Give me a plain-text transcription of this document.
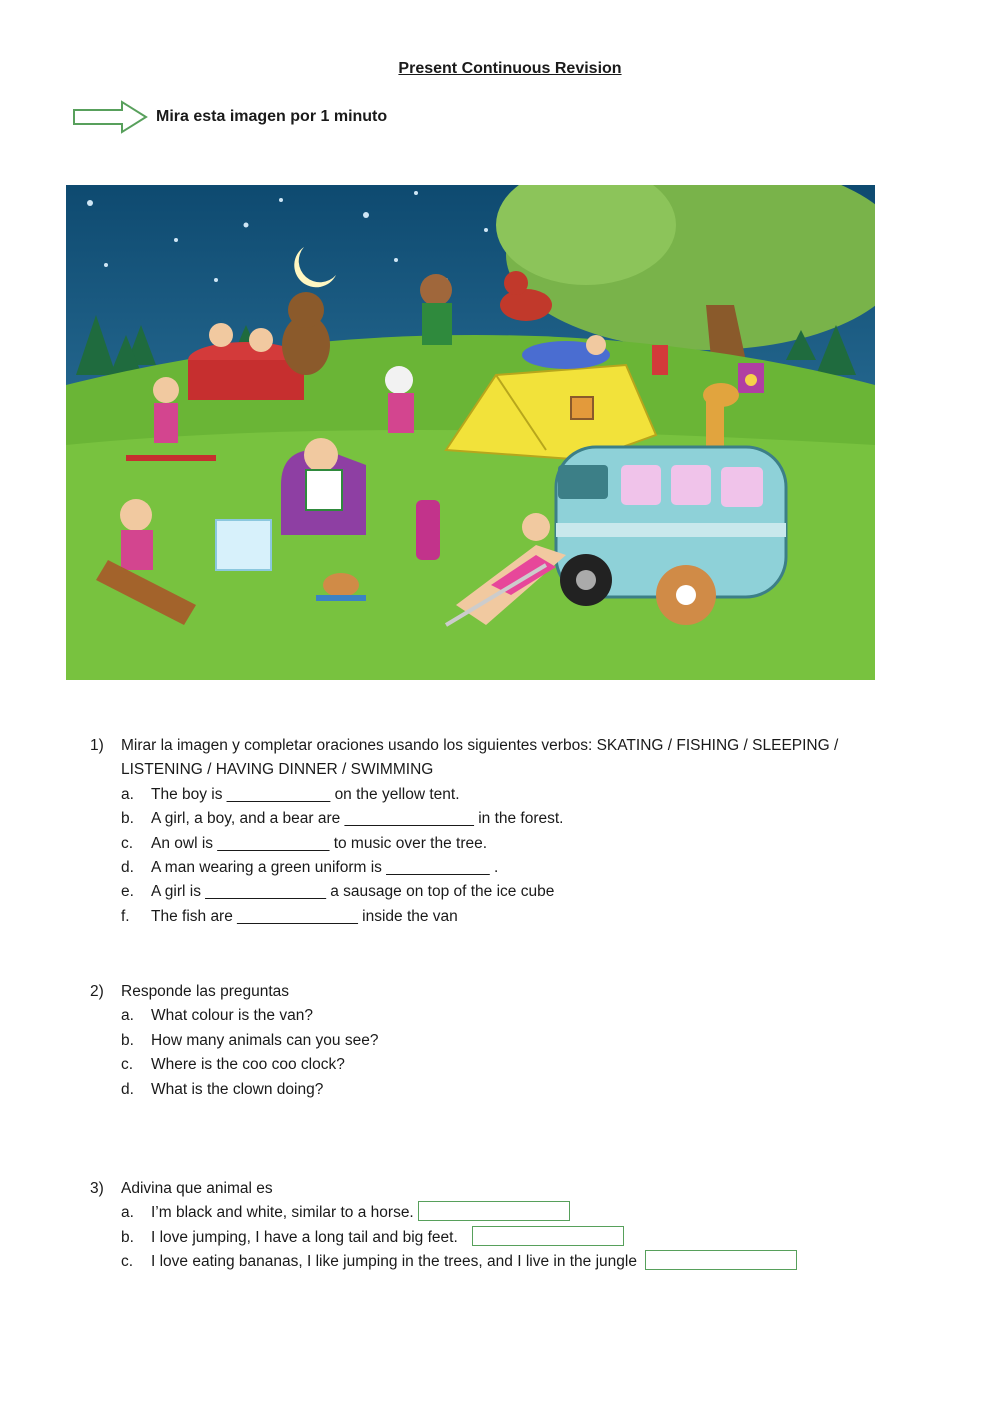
Present Continuous Revision
Mira esta imagen por 1 minuto
1)	Mirar la imagen y completar oraciones usando los siguientes verbos: SKATING / FISHING / SLEEPING /
LISTENING / HAVING DINNER / SWIMMING
a.	The boy is ____________ on the yellow tent.
b.	A girl, a boy, and a bear are _______________ in the forest.
c.	An owl is _____________ to music over the tree.
d.	A man wearing a green uniform is ____________ .
e.	A girl is ______________ a sausage on top of the ice cube
f.	The fish are ______________ inside the van
2)	Responde las preguntas
a.	What colour is the van?
b.	How many animals can you see?
c.	Where is the coo coo clock?
d.	What is the clown doing?
3)	Adivina que animal es
a.	I’m black and white, similar to a horse.
b.	I love jumping, I have a long tail and big feet.
c.	I love eating bananas, I like jumping in the trees, and I live in the jungle
